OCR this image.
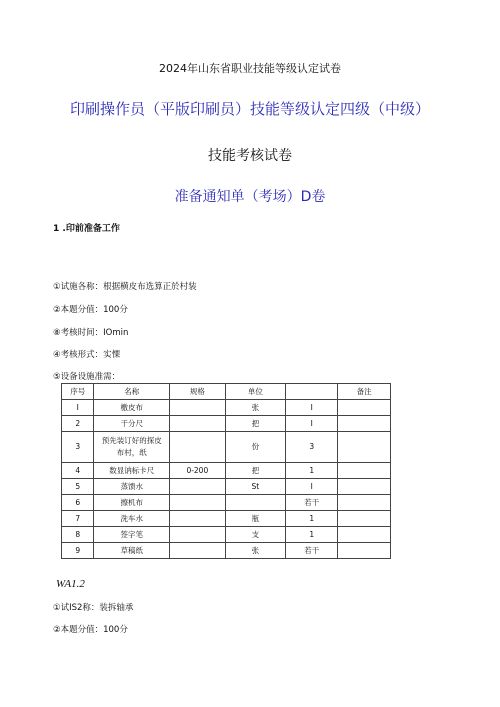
2024年山东省职业技能等级认定试卷
印刷操作员（平版印刷员）技能等级认定四级（中级）
技能考核试卷
准备通知单（考场）D卷
1 .印前准备工作
①试施各称：根据横皮布选算正於村装
②本题分值：100分
⑧考核时间：IOmin
④考核形式：实慄
⑤设备设施准需：
序号	名称	规格	单位		备注
I	檄皮布		张	I	
2	干分尺		把	I	
3	预先装订好的探皮
布村，纸		份	3	
4	数显讷标卡尺	0-200	把	1	
5	蒸馈水		St	I	
6	擦机布			若干	
7	洗车水		瓶	1	
8	签字笔		支	1	
9	草稿纸		张	若干	
WA1.2
①试IS2称：装拆轴承
②本题分值：100分
